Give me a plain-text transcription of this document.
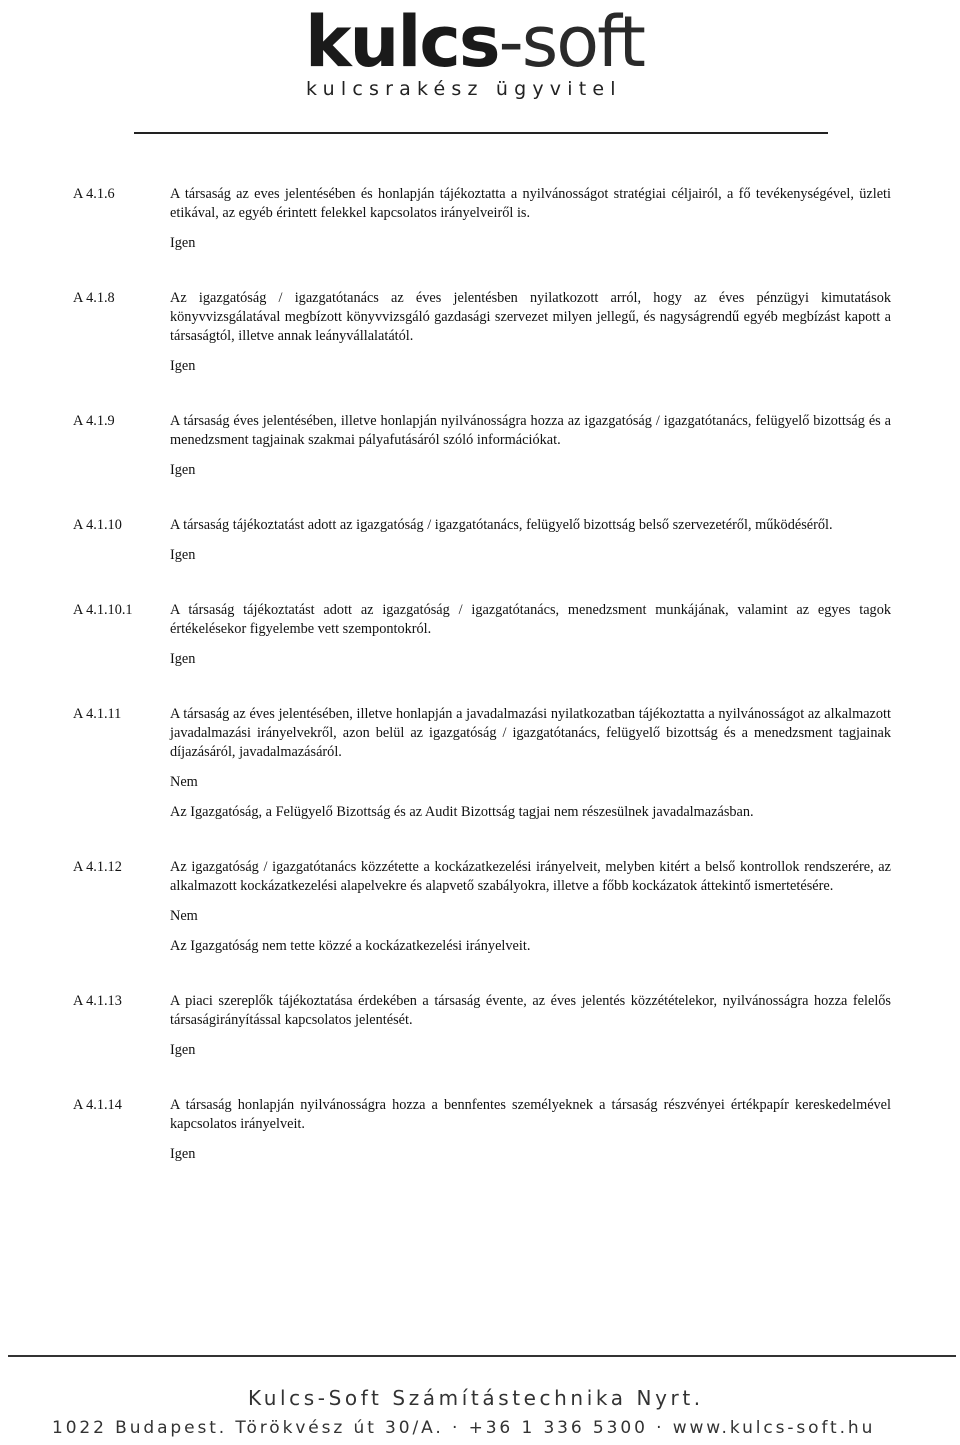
kulcs-soft
kulcsrakész ügyvitel
A 4.1.6	A társaság az eves jelentésében és honlapján tájékoztatta a nyilvánosságot stratégiai céljairól, a fő tevékenységével, üzleti etikával, az egyéb érintett felekkel kapcsolatos irányelveiről is.
Igen
A 4.1.8	Az igazgatóság / igazgatótanács az éves jelentésben nyilatkozott arról, hogy az éves pénzügyi kimutatások könyvvizsgálatával megbízott könyvvizsgáló gazdasági szervezet milyen jellegű, és nagyságrendű egyéb megbízást kapott a társaságtól, illetve annak leányvállalatától.
Igen
A 4.1.9	A társaság éves jelentésében, illetve honlapján nyilvánosságra hozza az igazgatóság / igazgatótanács, felügyelő bizottság és a menedzsment tagjainak szakmai pályafutásáról szóló információkat.
Igen
A 4.1.10	A társaság tájékoztatást adott az igazgatóság / igazgatótanács, felügyelő bizottság belső szervezetéről, működéséről.
Igen
A 4.1.10.1	A társaság tájékoztatást adott az igazgatóság / igazgatótanács, menedzsment munkájának, valamint az egyes tagok értékelésekor figyelembe vett szempontokról.
Igen
A 4.1.11	A társaság az éves jelentésében, illetve honlapján a javadalmazási nyilatkozatban tájékoztatta a nyilvánosságot az alkalmazott javadalmazási irányelvekről, azon belül az igazgatóság / igazgatótanács, felügyelő bizottság és a menedzsment tagjainak díjazásáról, javadalmazásáról.
Nem
Az Igazgatóság, a Felügyelő Bizottság és az Audit Bizottság tagjai nem részesülnek javadalmazásban.
A 4.1.12	Az igazgatóság / igazgatótanács közzétette a kockázatkezelési irányelveit, melyben kitért a belső kontrollok rendszerére, az alkalmazott kockázatkezelési alapelvekre és alapvető szabályokra, illetve a főbb kockázatok áttekintő ismertetésére.
Nem
Az Igazgatóság nem tette közzé a kockázatkezelési irányelveit.
A 4.1.13	A piaci szereplők tájékoztatása érdekében a társaság évente, az éves jelentés közzétételekor, nyilvánosságra hozza felelős társaságirányítással kapcsolatos jelentését.
Igen
A 4.1.14	A társaság honlapján nyilvánosságra hozza a bennfentes személyeknek a társaság részvényei értékpapír kereskedelmével kapcsolatos irányelveit.
Igen
Kulcs-Soft Számítástechnika Nyrt.
1022 Budapest. Törökvész út 30/A. · +36 1 336 5300 · www.kulcs-soft.hu
